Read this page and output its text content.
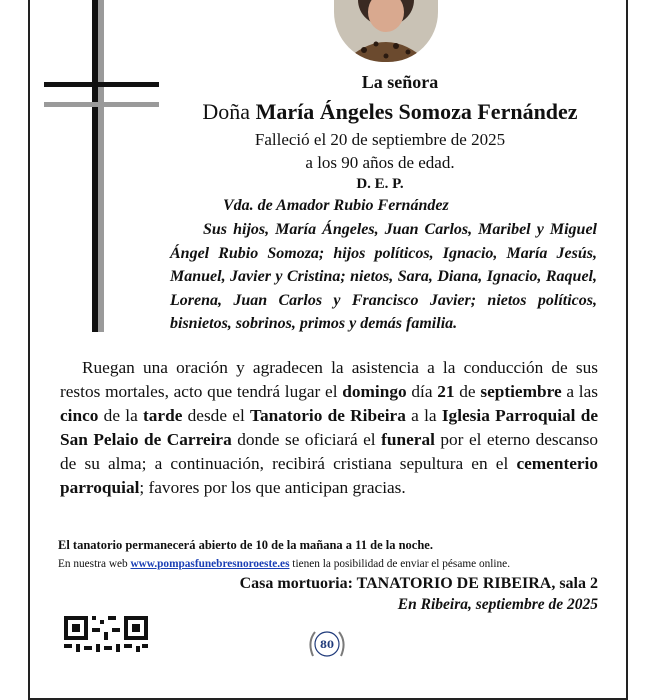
La señora
Doña María Ángeles Somoza Fernández
Falleció el 20 de septiembre de 2025
a los 90 años de edad.
D. E. P.
Vda. de Amador Rubio Fernández
Sus hijos, María Ángeles, Juan Carlos, Maribel y Miguel Ángel Rubio Somoza; hijos políticos, Ignacio, María Jesús, Manuel, Javier y Cristina; nietos, Sara, Diana, Ignacio, Raquel, Lorena, Juan Carlos y Francisco Javier; nietos políticos, bisnietos, sobrinos, primos y demás familia.
Ruegan una oración y agradecen la asistencia a la conducción de sus restos mortales, acto que tendrá lugar el domingo día 21 de septiembre a las cinco de la tarde desde el Tanatorio de Ribeira a la Iglesia Parroquial de San Pelaio de Carreira donde se oficiará el funeral por el eterno descanso de su alma; a continuación, recibirá cristiana sepultura en el cementerio parroquial; favores por los que anticipan gracias.
El tanatorio permanecerá abierto de 10 de la mañana a 11 de la noche.
En nuestra web www.pompasfunebresnoroeste.es tienen la posibilidad de enviar el pésame online.
Casa mortuoria: TANATORIO DE RIBEIRA, sala 2
En Ribeira, septiembre de 2025
80
